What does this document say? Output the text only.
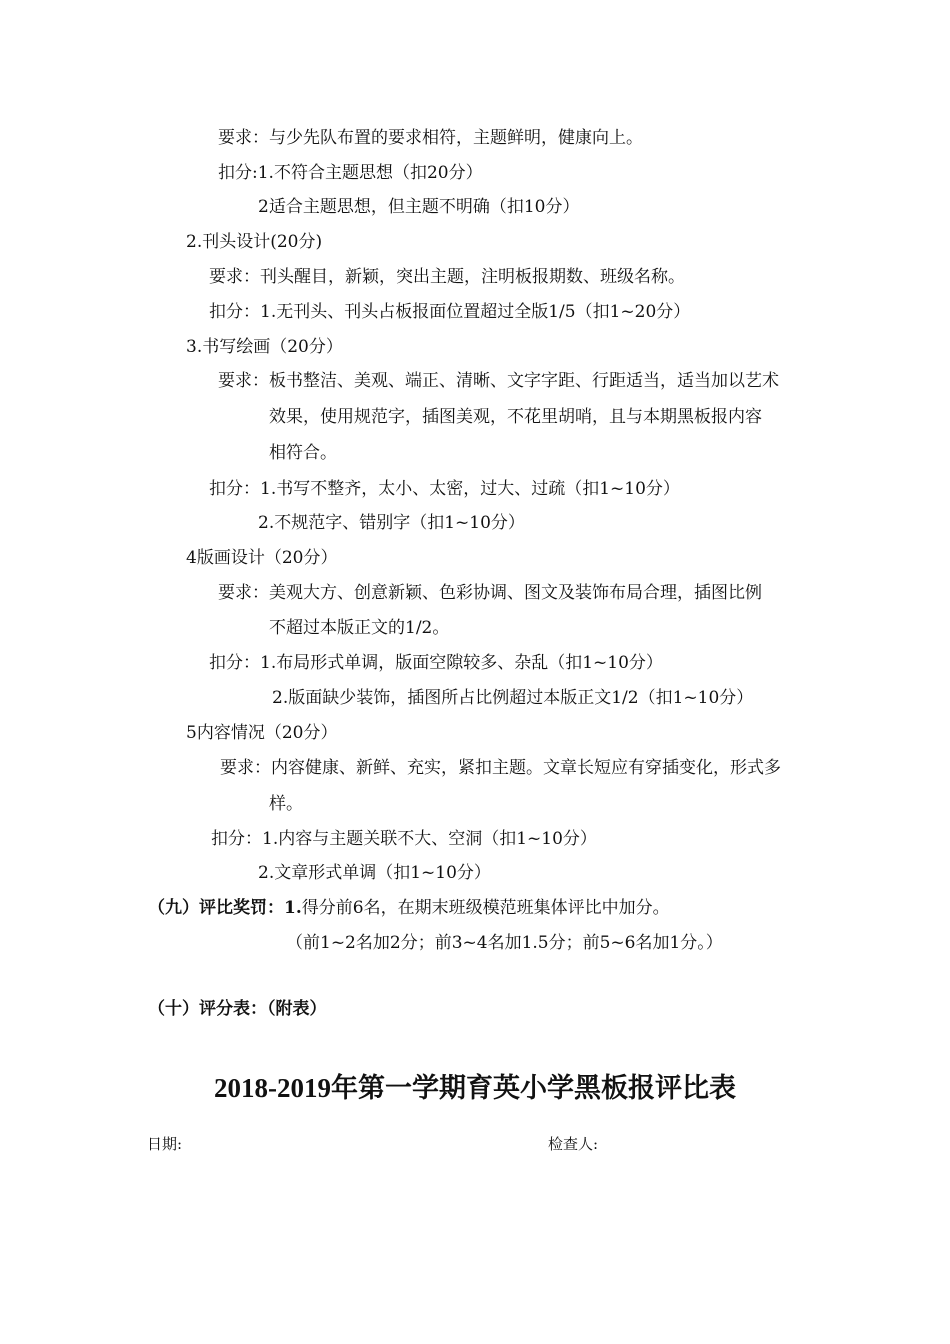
要求：与少先队布置的要求相符，主题鲜明，健康向上。
扣分:1.不符合主题思想（扣20分）
2适合主题思想，但主题不明确（扣10分）
2.刊头设计(20分)
要求：刊头醒目，新颖，突出主题，注明板报期数、班级名称。
扣分：1.无刊头、刊头占板报面位置超过全版1/5（扣1~20分）
3.书写绘画（20分）
要求：板书整洁、美观、端正、清晰、文字字距、行距适当，适当加以艺术
效果，使用规范字，插图美观，不花里胡哨，且与本期黑板报内容
相符合。
扣分：1.书写不整齐，太小、太密，过大、过疏（扣1~10分）
2.不规范字、错别字（扣1~10分）
4版画设计（20分）
要求：美观大方、创意新颖、色彩协调、图文及装饰布局合理，插图比例
不超过本版正文的1/2。
扣分：1.布局形式单调，版面空隙较多、杂乱（扣1~10分）
2.版面缺少装饰，插图所占比例超过本版正文1/2（扣1~10分）
5内容情况（20分）
要求：内容健康、新鲜、充实，紧扣主题。文章长短应有穿插变化，形式多
样。
扣分：1.内容与主题关联不大、空洞（扣1~10分）
2.文章形式单调（扣1~10分）
（九）评比奖罚：1.得分前6名，在期末班级模范班集体评比中加分。
（前1~2名加2分；前3~4名加1.5分；前5~6名加1分。）
（十）评分表：（附表）
2018-2019年第一学期育英小学黑板报评比表
日期:	检查人:
